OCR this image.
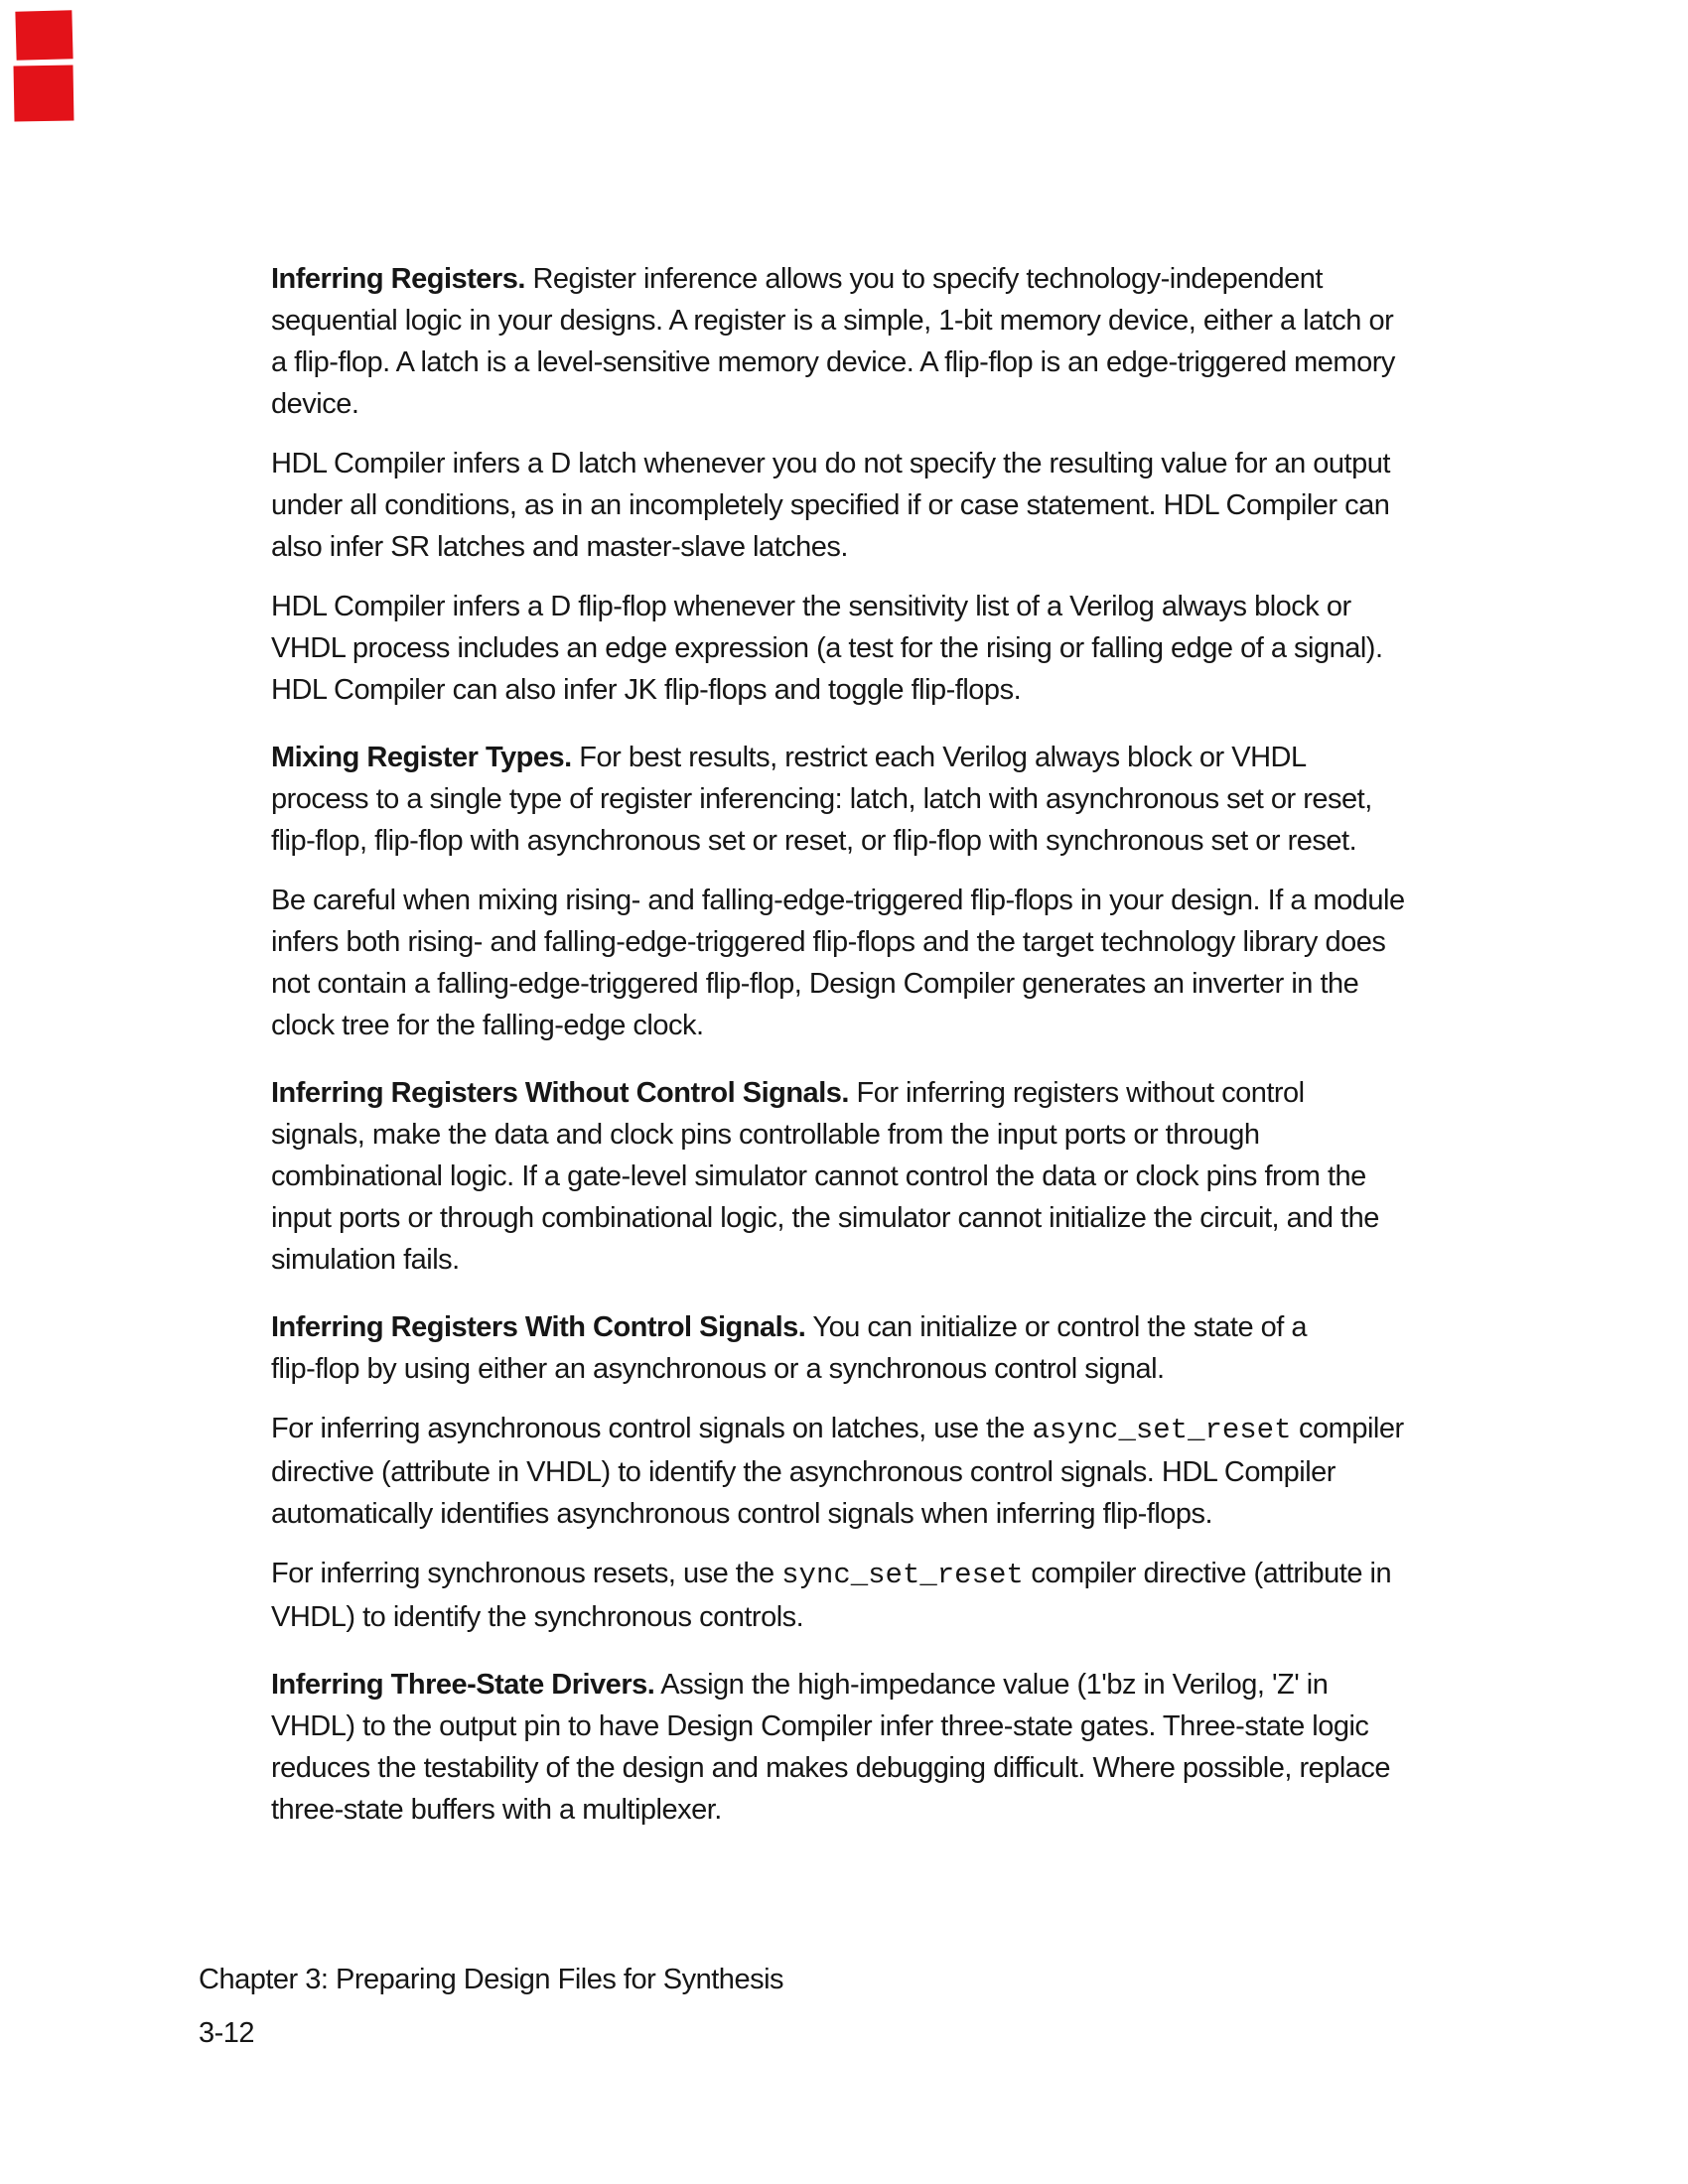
Inferring Registers. Register inference allows you to specify technology-independent
sequential logic in your designs. A register is a simple, 1-bit memory device, either a latch or
a flip-flop. A latch is a level-sensitive memory device. A flip-flop is an edge-triggered memory
device.

HDL Compiler infers a D latch whenever you do not specify the resulting value for an output
under all conditions, as in an incompletely specified if or case statement. HDL Compiler can
also infer SR latches and master-slave latches.

HDL Compiler infers a D flip-flop whenever the sensitivity list of a Verilog always block or
VHDL process includes an edge expression (a test for the rising or falling edge of a signal).
HDL Compiler can also infer JK flip-flops and toggle flip-flops.

Mixing Register Types. For best results, restrict each Verilog always block or VHDL
process to a single type of register inferencing: latch, latch with asynchronous set or reset,
flip-flop, flip-flop with asynchronous set or reset, or flip-flop with synchronous set or reset.

Be careful when mixing rising- and falling-edge-triggered flip-flops in your design. If a module
infers both rising- and falling-edge-triggered flip-flops and the target technology library does
not contain a falling-edge-triggered flip-flop, Design Compiler generates an inverter in the
clock tree for the falling-edge clock.

Inferring Registers Without Control Signals. For inferring registers without control
signals, make the data and clock pins controllable from the input ports or through
combinational logic. If a gate-level simulator cannot control the data or clock pins from the
input ports or through combinational logic, the simulator cannot initialize the circuit, and the
simulation fails.

Inferring Registers With Control Signals. You can initialize or control the state of a
flip-flop by using either an asynchronous or a synchronous control signal.

For inferring asynchronous control signals on latches, use the async_set_reset compiler
directive (attribute in VHDL) to identify the asynchronous control signals. HDL Compiler
automatically identifies asynchronous control signals when inferring flip-flops.

For inferring synchronous resets, use the sync_set_reset compiler directive (attribute in
VHDL) to identify the synchronous controls.

Inferring Three-State Drivers. Assign the high-impedance value (1'bz in Verilog, 'Z' in
VHDL) to the output pin to have Design Compiler infer three-state gates. Three-state logic
reduces the testability of the design and makes debugging difficult. Where possible, replace
three-state buffers with a multiplexer.

Chapter 3: Preparing Design Files for Synthesis
3-12
